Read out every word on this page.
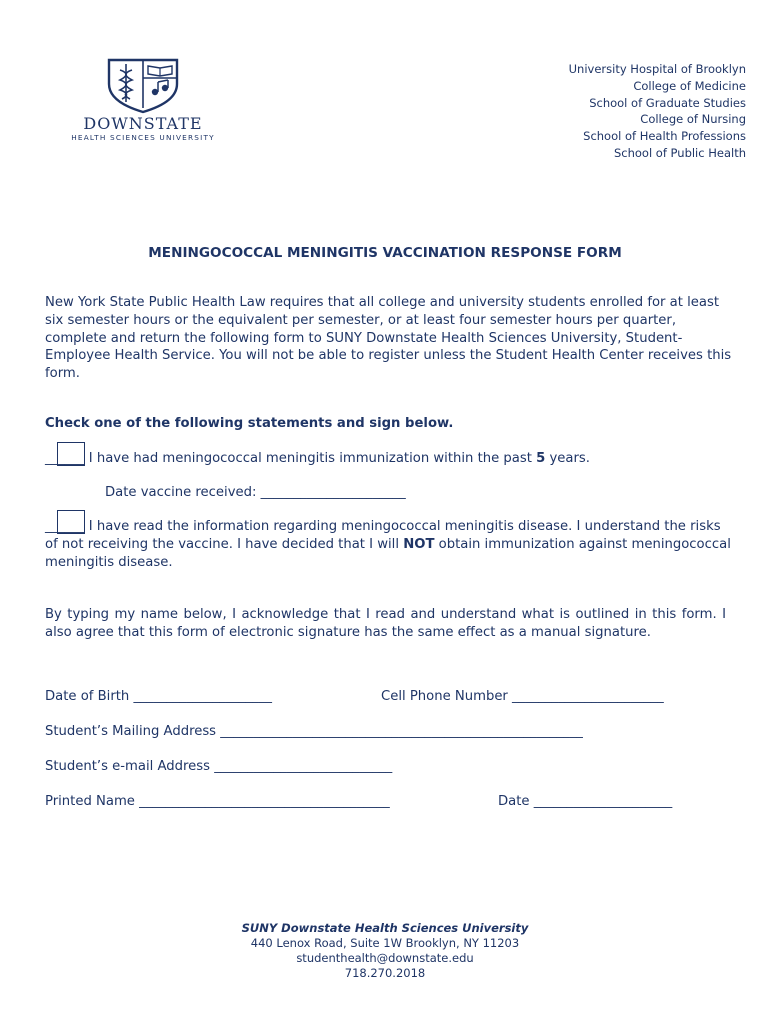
DOWNSTATE
HEALTH SCIENCES UNIVERSITY
University Hospital of Brooklyn
College of Medicine
School of Graduate Studies
College of Nursing
School of Health Professions
School of Public Health
MENINGOCOCCAL MENINGITIS VACCINATION RESPONSE FORM

New York State Public Health Law requires that all college and university students enrolled for at least six semester hours or the equivalent per semester, or at least four semester hours per quarter, complete and return the following form to SUNY Downstate Health Sciences University, Student-Employee Health Service. You will not be able to register unless the Student Health Center receives this form.

Check one of the following statements and sign below.

______ I have had meningococcal meningitis immunization within the past 5 years.

Date vaccine received: ______________________

______ I have read the information regarding meningococcal meningitis disease. I understand the risks of not receiving the vaccine. I have decided that I will NOT obtain immunization against meningococcal meningitis disease.

By typing my name below, I acknowledge that I read and understand what is outlined in this form. I also agree that this form of electronic signature has the same effect as a manual signature.

Date of Birth _____________________	Cell Phone Number _______________________
Student’s Mailing Address _______________________________________________________
Student’s e-mail Address ___________________________
Printed Name ______________________________________	Date _____________________
SUNY Downstate Health Sciences University
440 Lenox Road, Suite 1W Brooklyn, NY 11203
studenthealth@downstate.edu
718.270.2018
